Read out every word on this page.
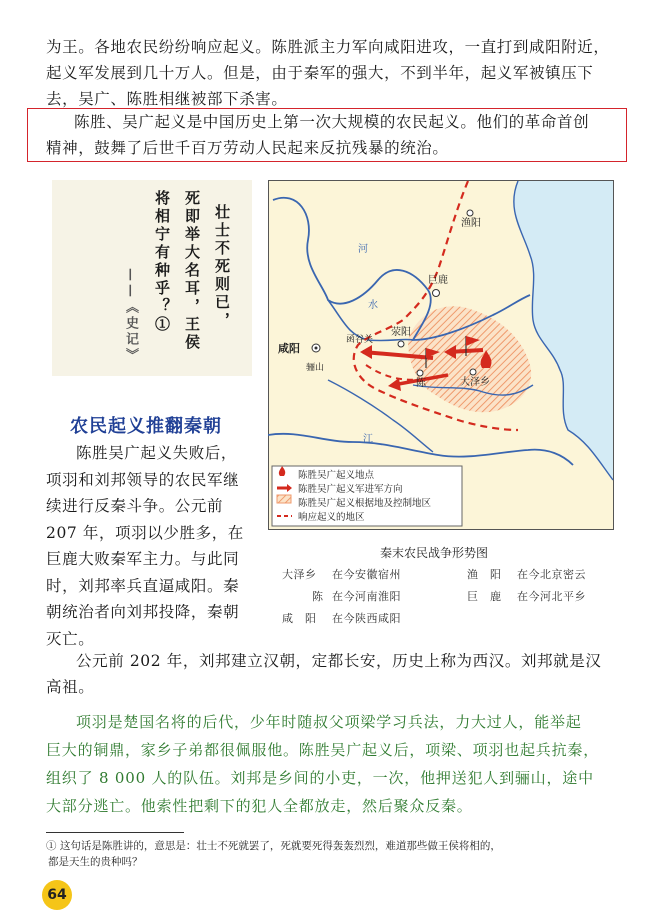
为王。各地农民纷纷响应起义。陈胜派主力军向咸阳进攻，一直打到咸阳附近，
起义军发展到几十万人。但是，由于秦军的强大，不到半年，起义军被镇压下
去，吴广、陈胜相继被部下杀害。
陈胜、吴广起义是中国历史上第一次大规模的农民起义。他们的革命首创
精神，鼓舞了后世千百万劳动人民起来反抗残暴的统治。
壮士不死则已，
死即举大名耳，王侯
将相宁有种乎？①
——《史记》
农民起义推翻秦朝
陈胜吴广起义失败后，
项羽和刘邦领导的农民军继
续进行反秦斗争。公元前
207 年，项羽以少胜多，在
巨鹿大败秦军主力。与此同
时，刘邦率兵直逼咸阳。秦
朝统治者向刘邦投降，秦朝
灭亡。
渔阳
巨鹿
荥阳
函谷关
咸阳
骊山
陈	大泽乡
河
水
江
陈胜吴广起义地点
陈胜吴广起义军进军方向
陈胜吴广起义根据地及控制地区
响应起义的地区
秦末农民战争形势图
大泽乡 在今安徽宿州	渔　阳 在今北京密云
陈 在今河南淮阳	巨　鹿 在今河北平乡
咸　阳 在今陕西咸阳
公元前 202 年，刘邦建立汉朝，定都长安，历史上称为西汉。刘邦就是汉
高祖。
项羽是楚国名将的后代，少年时随叔父项梁学习兵法，力大过人，能举起
巨大的铜鼎，家乡子弟都很佩服他。陈胜吴广起义后，项梁、项羽也起兵抗秦，
组织了 8 000 人的队伍。刘邦是乡间的小吏，一次，他押送犯人到骊山，途中
大部分逃亡。他索性把剩下的犯人全都放走，然后聚众反秦。
① 这句话是陈胜讲的，意思是：壮士不死就罢了，死就要死得轰轰烈烈，难道那些做王侯将相的，
都是天生的贵种吗？
64
